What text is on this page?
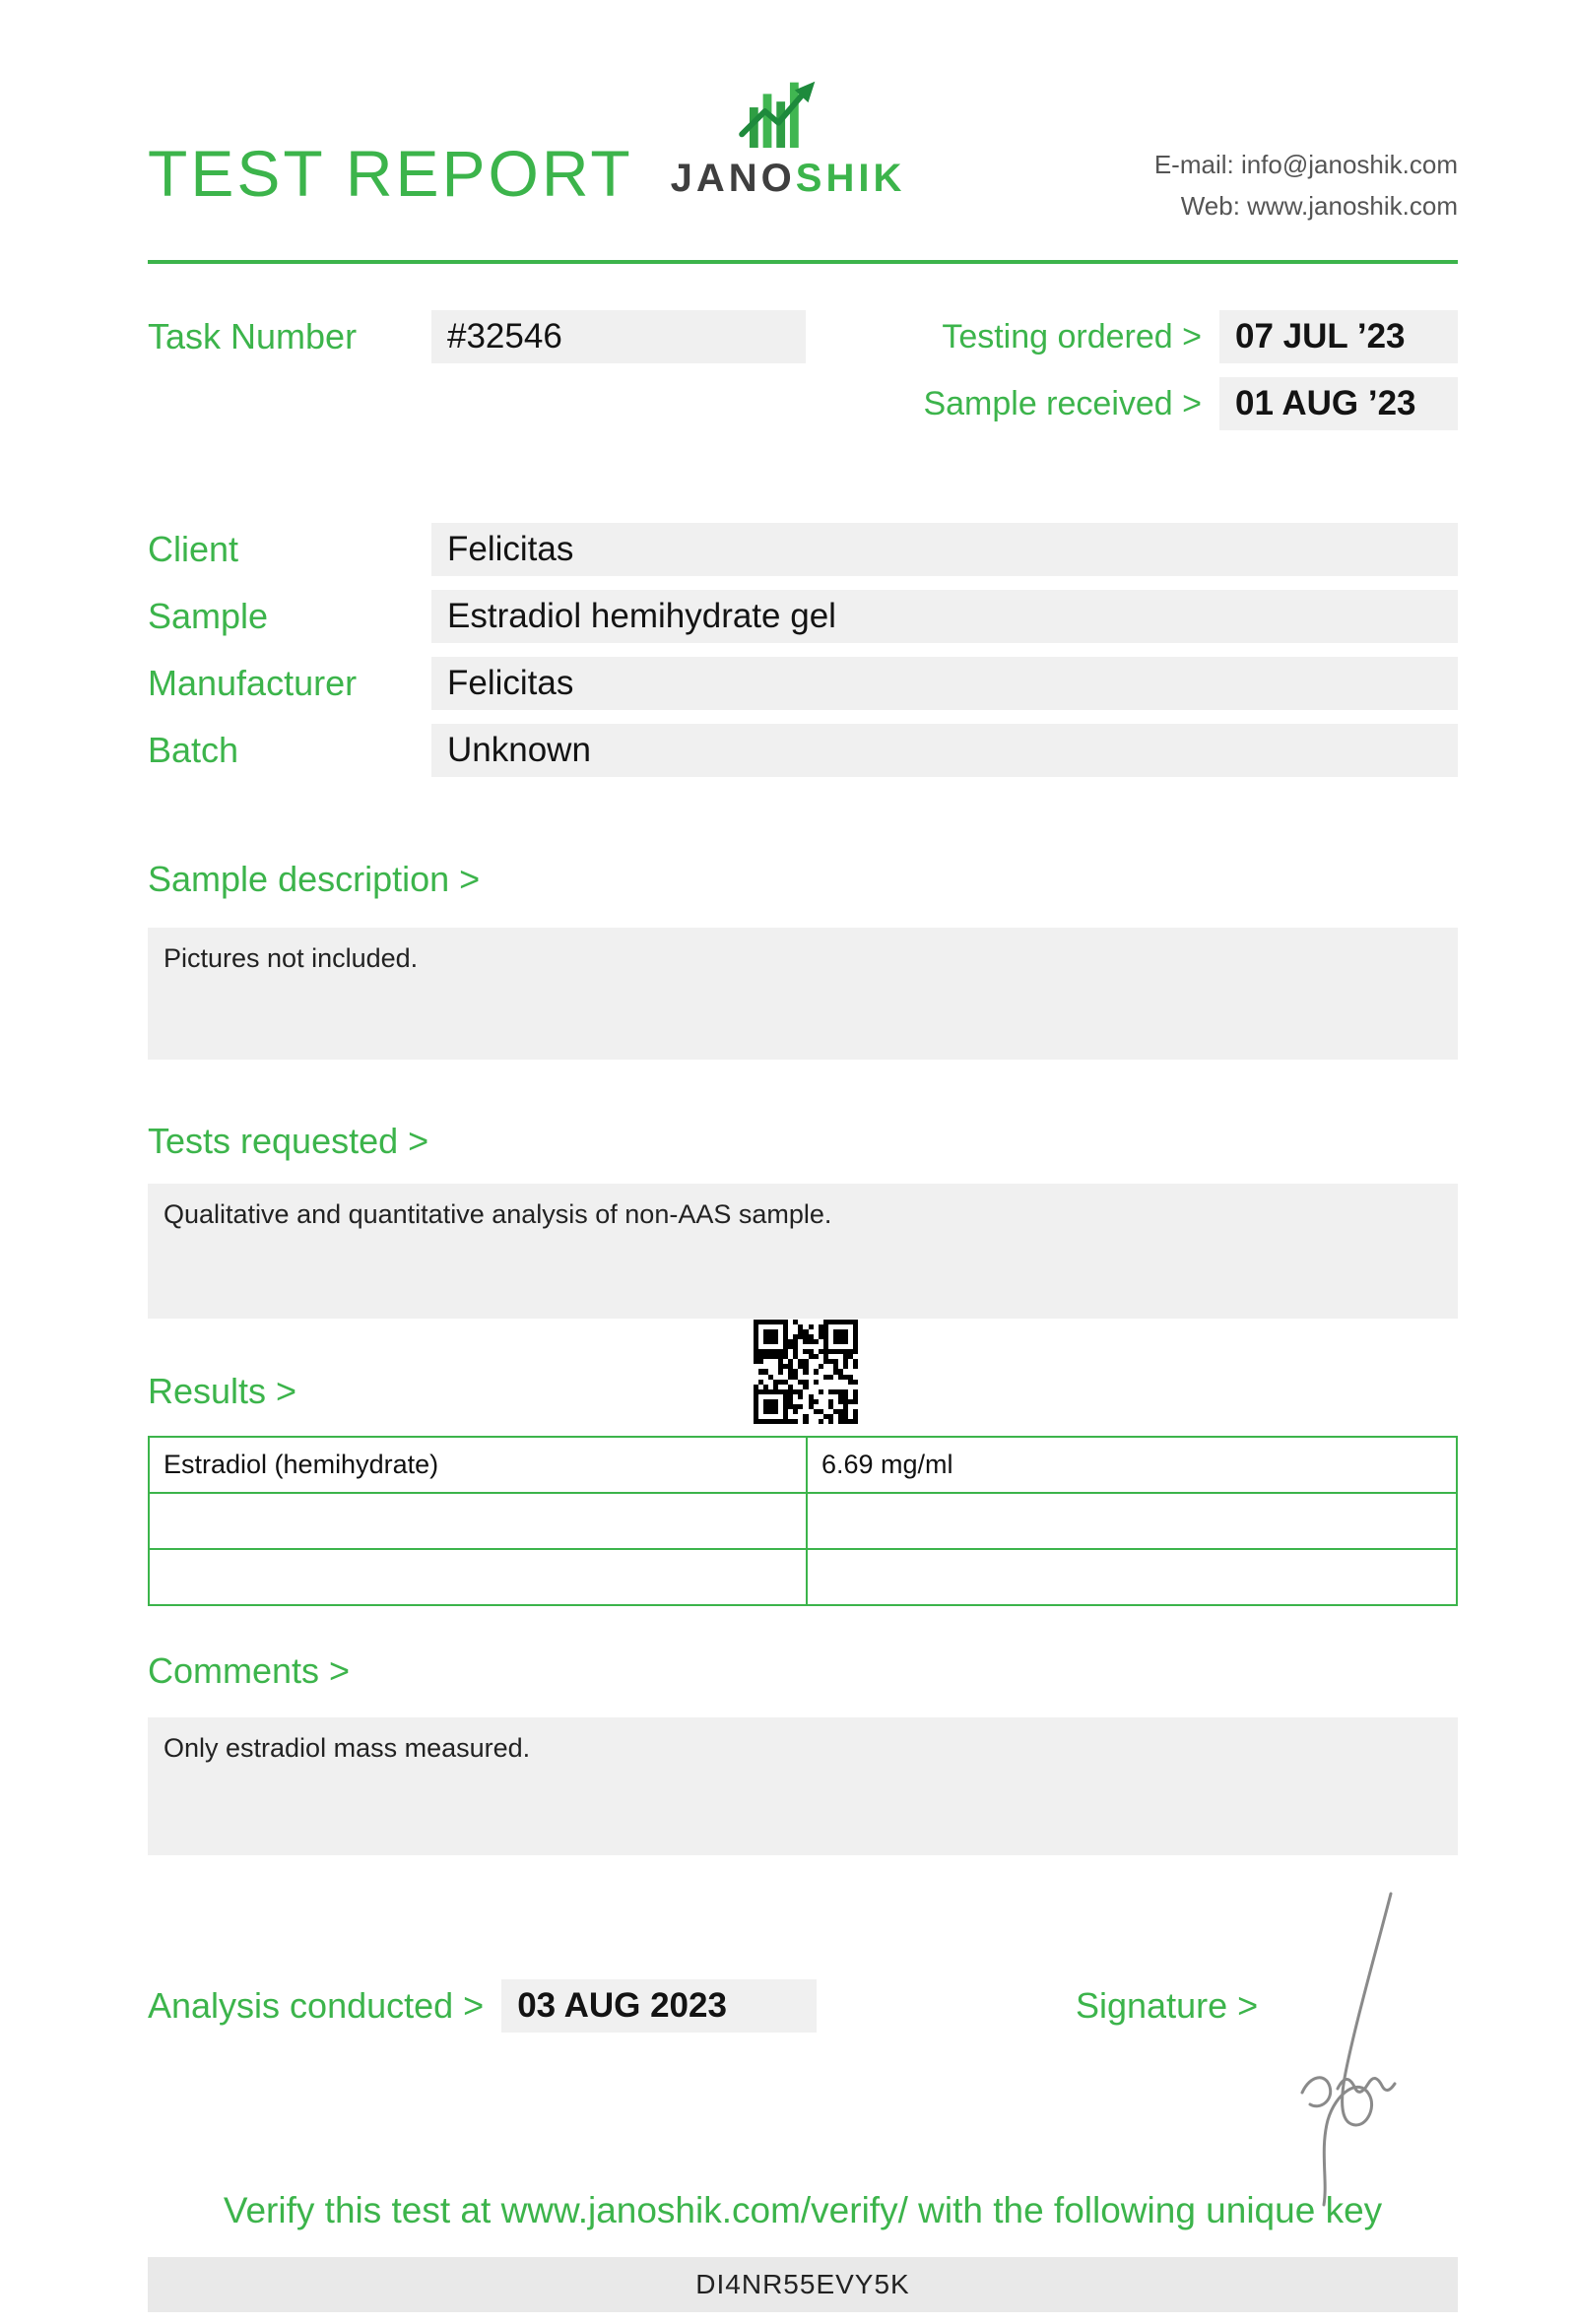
TEST REPORT JANOSHIK	E-mail: info@janoshik.com
Web: www.janoshik.com
Task Number	#32546	Testing ordered > 07 JUL ’23
Sample received > 01 AUG ’23
Client	Felicitas
Sample	Estradiol hemihydrate gel
Manufacturer	Felicitas
Batch	Unknown
Sample description >
Pictures not included.
Tests requested >
Qualitative and quantitative analysis of non-AAS sample.
Results >
Estradiol (hemihydrate)	6.69 mg/ml
Comments >
Only estradiol mass measured.
Analysis conducted > 03 AUG 2023	Signature >
Verify this test at www.janoshik.com/verify/ with the following unique key
DI4NR55EVY5K
